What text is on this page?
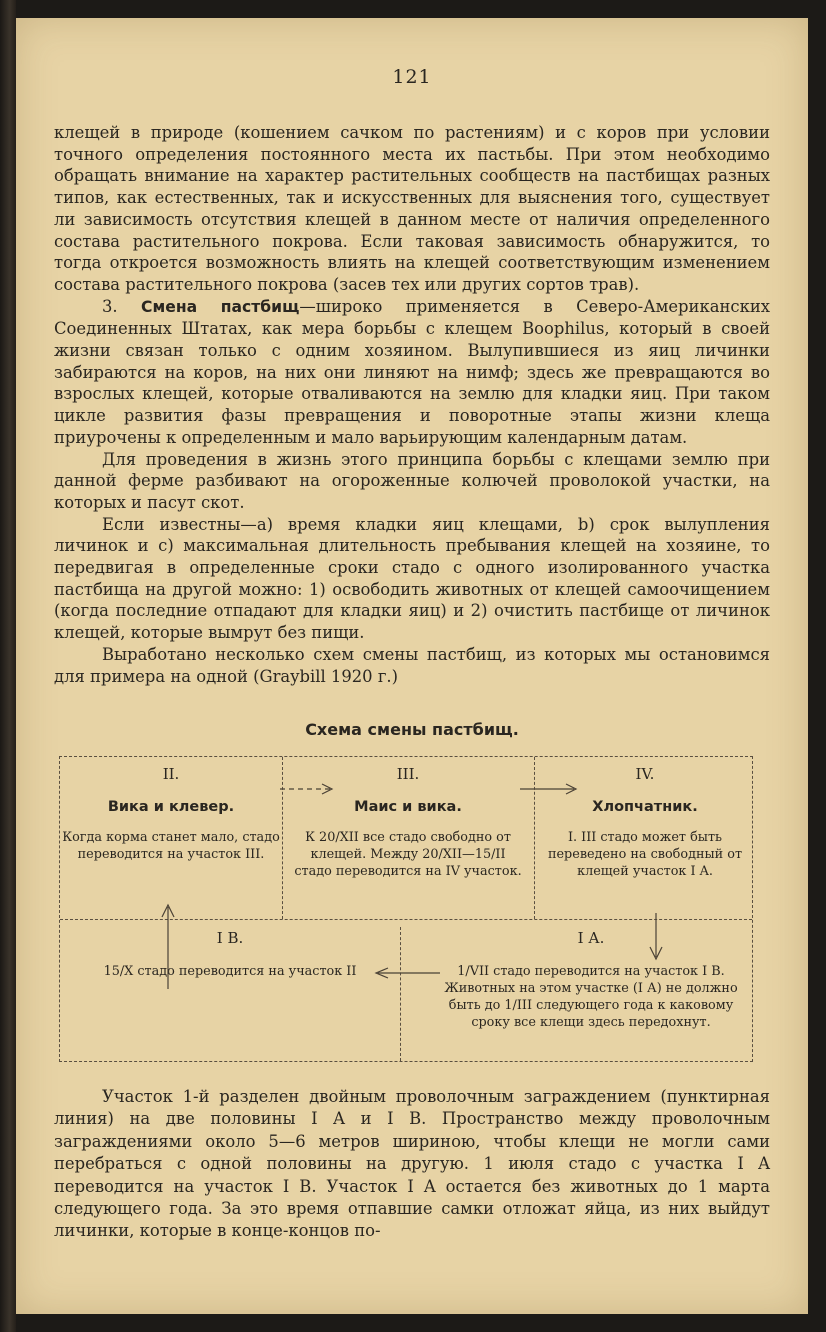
121

клещей в природе (кошением сачком по растениям) и с коров при условии точного определения постоянного места их пастьбы. При этом необходимо обращать внимание на характер растительных сообществ на пастбищах разных типов, как естественных, так и искусственных для выяснения того, существует ли зависимость отсутствия клещей в данном месте от наличия определенного состава растительного покрова. Если таковая зависимость обнаружится, то тогда откроется возможность влиять на клещей соответствующим изменением состава растительного покрова (засев тех или других сортов трав).

3. Смена пастбищ—широко применяется в Северо-Американских Соединенных Штатах, как мера борьбы с клещем Boophilus, который в своей жизни связан только с одним хозяином. Вылупившиеся из яиц личинки забираются на коров, на них они линяют на нимф; здесь же превращаются во взрослых клещей, которые отваливаются на землю для кладки яиц. При таком цикле развития фазы превращения и поворотные этапы жизни клеща приурочены к определенным и мало варьирующим календарным датам.

Для проведения в жизнь этого принципа борьбы с клещами землю при данной ферме разбивают на огороженные колючей проволокой участки, на которых и пасут скот.

Если известны—a) время кладки яиц клещами, b) срок вылупления личинок и c) максимальная длительность пребывания клещей на хозяине, то передвигая в определенные сроки стадо с одного изолированного участка пастбища на другой можно: 1) освободить животных от клещей самоочищением (когда последние отпадают для кладки яиц) и 2) очистить пастбище от личинок клещей, которые вымрут без пищи.

Выработано несколько схем смены пастбищ, из которых мы остановимся для примера на одной (Graybill 1920 г.)

Схема смены пастбищ.
II.
Вика и клевер.
Когда корма станет мало, стадо переводится на участок III.
III.
Маис и вика.
К 20/XII все стадо свободно от клещей. Между 20/XII—15/II стадо переводится на IV участок.
IV.
Хлопчатник.
I. III стадо может быть переведено на свободный от клещей участок I A.
I В.
15/X стадо переводится на участок II
I А.
1/VII стадо переводится на участок I В. Животных на этом участке (I А) не должно быть до 1/III следующего года к каковому сроку все клещи здесь передохнут.

Участок 1-й разделен двойным проволочным заграждением (пунктирная линия) на две половины I A и I B. Пространство между проволочным заграждениями около 5—6 метров шириною, чтобы клещи не могли сами перебраться с одной половины на другую. 1 июля стадо с участка I A переводится на участок I B. Участок I A остается без животных до 1 марта следующего года. За это время отпавшие самки отложат яйца, из них выйдут личинки, которые в конце-концов по-
